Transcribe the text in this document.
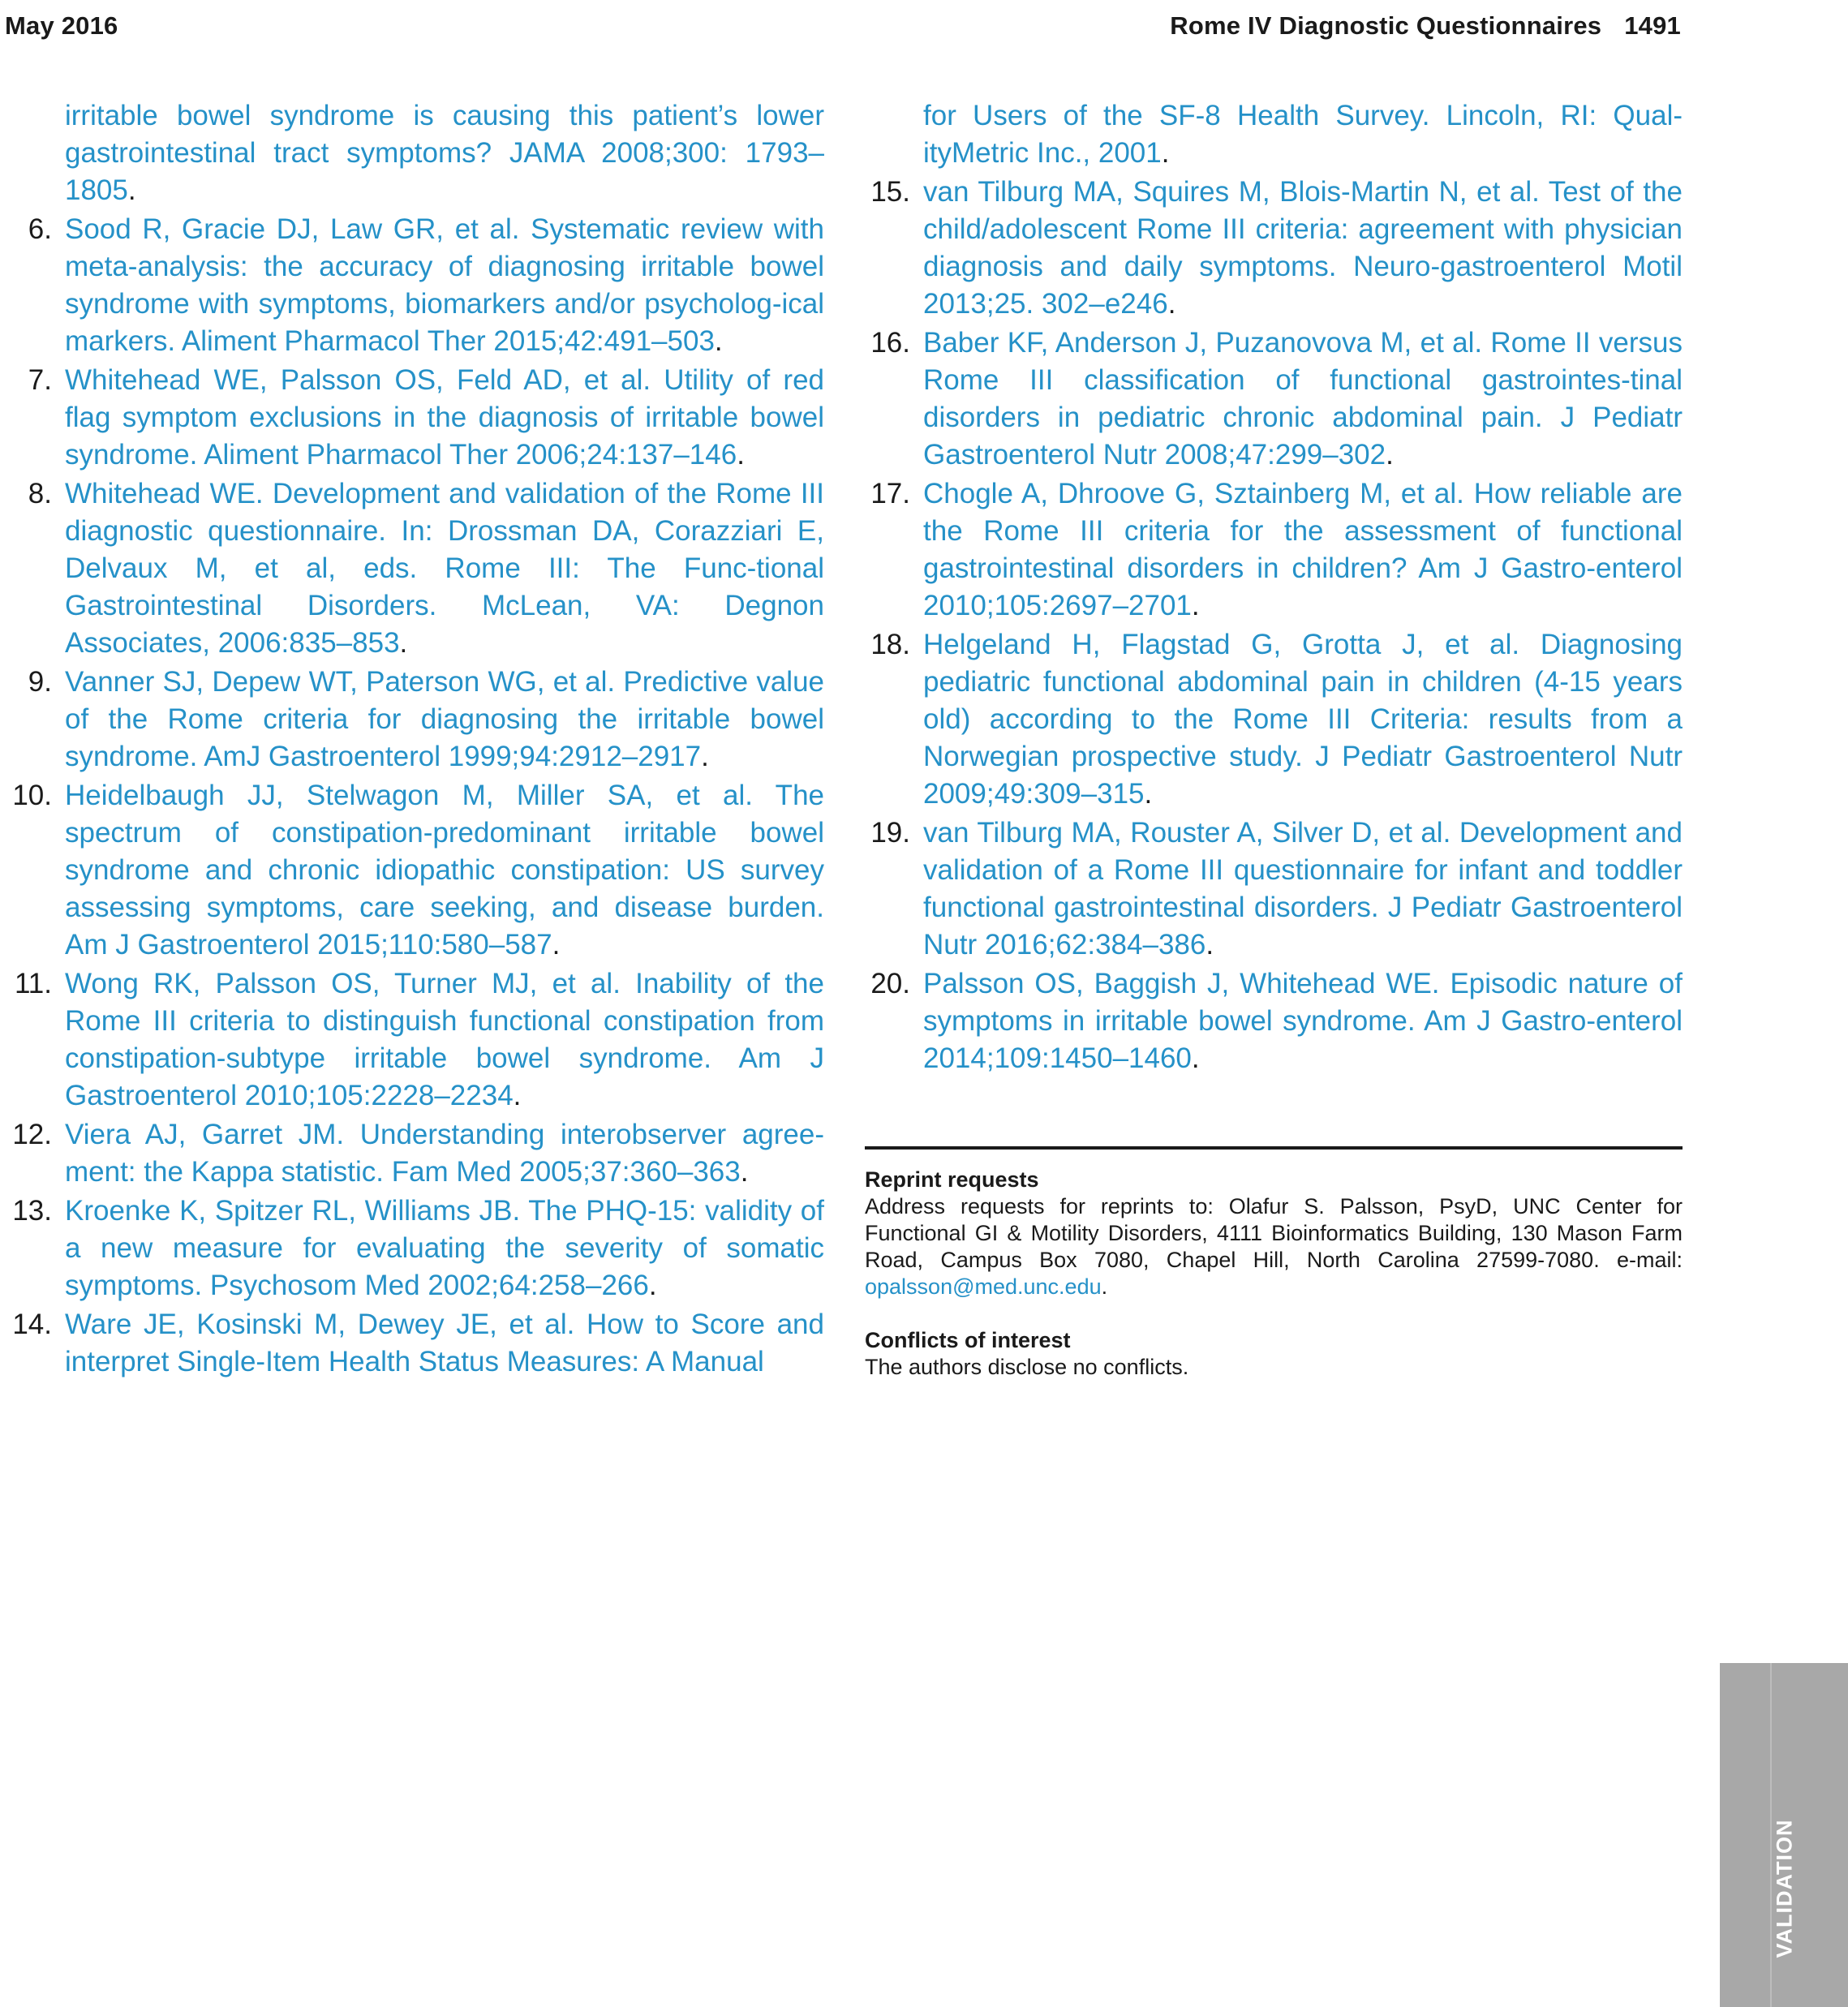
May 2016	Rome IV Diagnostic Questionnaires 1491
irritable bowel syndrome is causing this patient’s lower gastrointestinal tract symptoms? JAMA 2008;300: 1793–1805.
6. Sood R, Gracie DJ, Law GR, et al. Systematic review with meta-analysis: the accuracy of diagnosing irritable bowel syndrome with symptoms, biomarkers and/or psycholog-ical markers. Aliment Pharmacol Ther 2015;42:491–503.
7. Whitehead WE, Palsson OS, Feld AD, et al. Utility of red flag symptom exclusions in the diagnosis of irritable bowel syndrome. Aliment Pharmacol Ther 2006;24:137–146.
8. Whitehead WE. Development and validation of the Rome III diagnostic questionnaire. In: Drossman DA, Corazziari E, Delvaux M, et al, eds. Rome III: The Func-tional Gastrointestinal Disorders. McLean, VA: Degnon Associates, 2006:835–853.
9. Vanner SJ, Depew WT, Paterson WG, et al. Predictive value of the Rome criteria for diagnosing the irritable bowel syndrome. AmJ Gastroenterol 1999;94:2912–2917.
10. Heidelbaugh JJ, Stelwagon M, Miller SA, et al. The spectrum of constipation-predominant irritable bowel syndrome and chronic idiopathic constipation: US survey assessing symptoms, care seeking, and disease burden. Am J Gastroenterol 2015;110:580–587.
11. Wong RK, Palsson OS, Turner MJ, et al. Inability of the Rome III criteria to distinguish functional constipation from constipation-subtype irritable bowel syndrome. Am J Gastroenterol 2010;105:2228–2234.
12. Viera AJ, Garret JM. Understanding interobserver agree-ment: the Kappa statistic. Fam Med 2005;37:360–363.
13. Kroenke K, Spitzer RL, Williams JB. The PHQ-15: validity of a new measure for evaluating the severity of somatic symptoms. Psychosom Med 2002;64:258–266.
14. Ware JE, Kosinski M, Dewey JE, et al. How to Score and interpret Single-Item Health Status Measures: A Manual
for Users of the SF-8 Health Survey. Lincoln, RI: Qual-ityMetric Inc., 2001.
15. van Tilburg MA, Squires M, Blois-Martin N, et al. Test of the child/adolescent Rome III criteria: agreement with physician diagnosis and daily symptoms. Neuro-gastroenterol Motil 2013;25. 302–e246.
16. Baber KF, Anderson J, Puzanovova M, et al. Rome II versus Rome III classification of functional gastrointes-tinal disorders in pediatric chronic abdominal pain. J Pediatr Gastroenterol Nutr 2008;47:299–302.
17. Chogle A, Dhroove G, Sztainberg M, et al. How reliable are the Rome III criteria for the assessment of functional gastrointestinal disorders in children? Am J Gastro-enterol 2010;105:2697–2701.
18. Helgeland H, Flagstad G, Grotta J, et al. Diagnosing pediatric functional abdominal pain in children (4-15 years old) according to the Rome III Criteria: results from a Norwegian prospective study. J Pediatr Gastroenterol Nutr 2009;49:309–315.
19. van Tilburg MA, Rouster A, Silver D, et al. Development and validation of a Rome III questionnaire for infant and toddler functional gastrointestinal disorders. J Pediatr Gastroenterol Nutr 2016;62:384–386.
20. Palsson OS, Baggish J, Whitehead WE. Episodic nature of symptoms in irritable bowel syndrome. Am J Gastro-enterol 2014;109:1450–1460.
Reprint requests
Address requests for reprints to: Olafur S. Palsson, PsyD, UNC Center for Functional GI & Motility Disorders, 4111 Bioinformatics Building, 130 Mason Farm Road, Campus Box 7080, Chapel Hill, North Carolina 27599-7080. e-mail: opalsson@med.unc.edu.
Conflicts of interest
The authors disclose no conflicts.
VALIDATION
